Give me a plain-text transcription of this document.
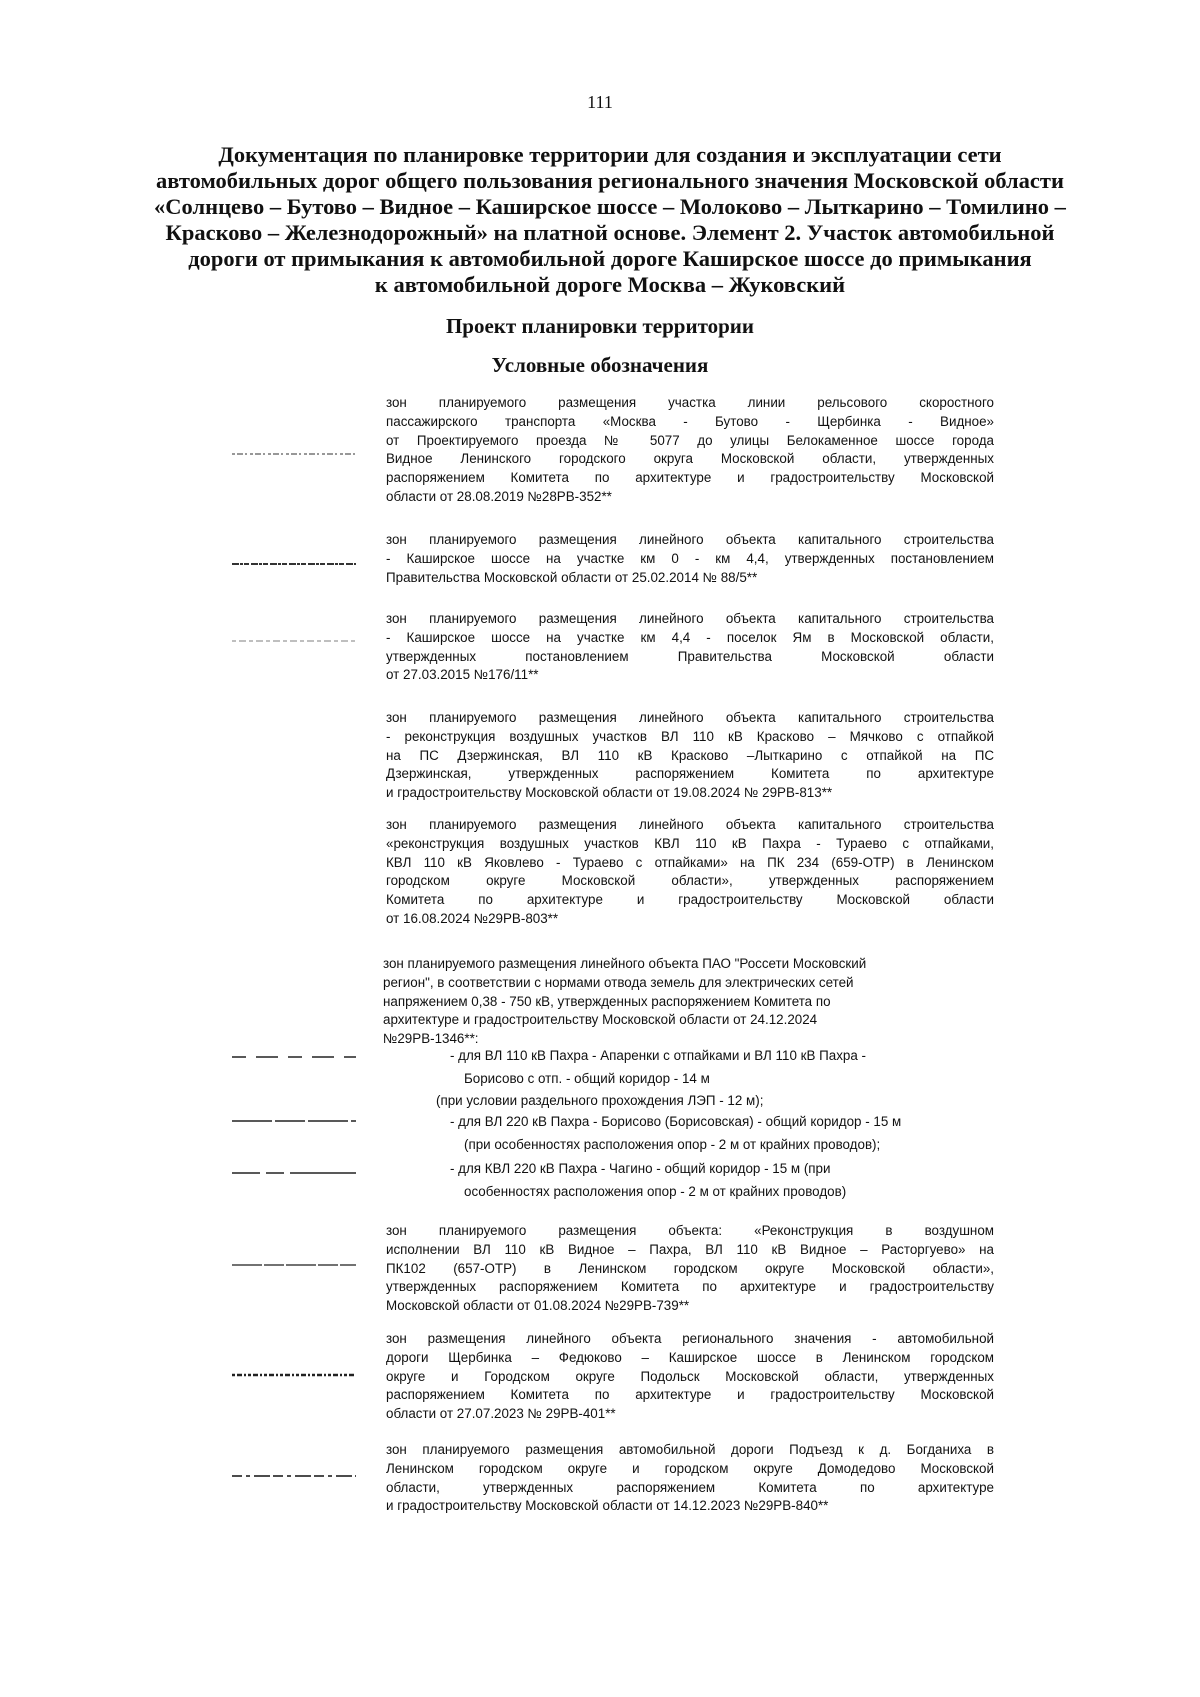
111
Документация по планировке территории для создания и эксплуатации сети
автомобильных дорог общего пользования регионального значения Московской области
«Солнцево – Бутово – Видное – Каширское шоссе – Молоково – Лыткарино – Томилино –
Красково – Железнодорожный» на платной основе. Элемент 2. Участок автомобильной
дороги от примыкания к автомобильной дороге Каширское шоссе до примыкания
к автомобильной дороге Москва – Жуковский
Проект планировки территории
Условные обозначения
зон планируемого размещения участка линии рельсового скоростного
пассажирского транспорта «Москва - Бутово - Щербинка - Видное»
от Проектируемого проезда № 5077 до улицы Белокаменное шоссе города
Видное Ленинского городского округа Московской области, утвержденных
распоряжением Комитета по архитектуре и градостроительству Московской
области от 28.08.2019 №28РВ-352**
зон планируемого размещения линейного объекта капитального строительства
- Каширское шоссе на участке км 0 - км 4,4, утвержденных постановлением
Правительства Московской области от 25.02.2014 № 88/5**
зон планируемого размещения линейного объекта капитального строительства
- Каширское шоссе на участке км 4,4 - поселок Ям в Московской области,
утвержденных постановлением Правительства Московской области
от 27.03.2015 №176/11**
зон планируемого размещения линейного объекта капитального строительства
- реконструкция воздушных участков ВЛ 110 кВ Красково – Мячково с отпайкой
на ПС Дзержинская, ВЛ 110 кВ Красково –Лыткарино с отпайкой на ПС
Дзержинская, утвержденных распоряжением Комитета по архитектуре
и градостроительству Московской области от 19.08.2024 № 29РВ-813**
зон планируемого размещения линейного объекта капитального строительства
«реконструкция воздушных участков КВЛ 110 кВ Пахра - Тураево с отпайками,
КВЛ 110 кВ Яковлево - Тураево с отпайками» на ПК 234 (659-ОТР) в Ленинском
городском округе Московской области», утвержденных распоряжением
Комитета по архитектуре и градостроительству Московской области
от 16.08.2024 №29РВ-803**
зон планируемого размещения линейного объекта ПАО "Россети Московский
регион", в соответствии с нормами отвода земель для электрических сетей
напряжением 0,38 - 750 кВ, утвержденных распоряжением Комитета по
архитектуре и градостроительству Московской области от 24.12.2024
№29РВ-1346**:
- для ВЛ 110 кВ Пахра - Апаренки с отпайками и ВЛ 110 кВ Пахра -
Борисово с отп. - общий коридор - 14 м
(при условии раздельного прохождения ЛЭП - 12 м);
- для ВЛ 220 кВ Пахра - Борисово (Борисовская) - общий коридор - 15 м
(при особенностях расположения опор - 2 м от крайних проводов);
- для КВЛ 220 кВ Пахра - Чагино - общий коридор - 15 м (при
особенностях расположения опор - 2 м от крайних проводов)
зон планируемого размещения объекта: «Реконструкция в воздушном
исполнении ВЛ 110 кВ Видное – Пахра, ВЛ 110 кВ Видное – Расторгуево» на
ПК102 (657-ОТР) в Ленинском городском округе Московской области»,
утвержденных распоряжением Комитета по архитектуре и градостроительству
Московской области от 01.08.2024 №29РВ-739**
зон размещения линейного объекта регионального значения - автомобильной
дороги Щербинка – Федюково – Каширское шоссе в Ленинском городском
округе и Городском округе Подольск Московской области, утвержденных
распоряжением Комитета по архитектуре и градостроительству Московской
области от 27.07.2023 № 29РВ-401**
зон планируемого размещения автомобильной дороги Подъезд к д. Богданиха в
Ленинском городском округе и городском округе Домодедово Московской
области, утвержденных распоряжением Комитета по архитектуре
и градостроительству Московской области от 14.12.2023 №29РВ-840**
